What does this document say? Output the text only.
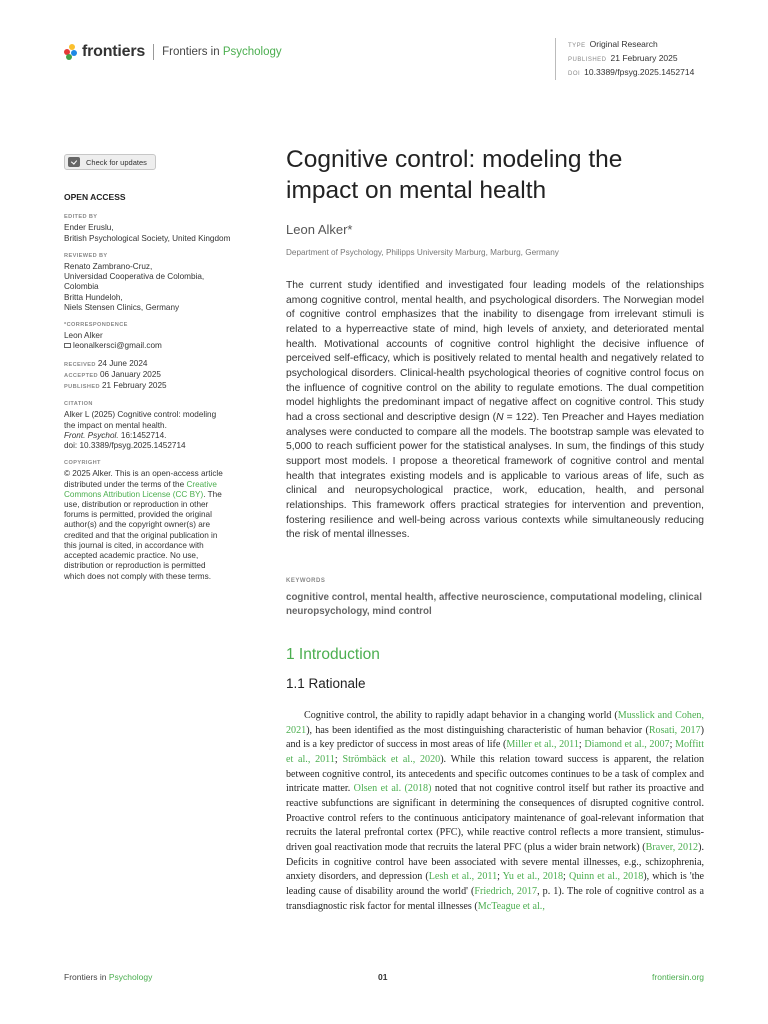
frontiers Frontiers in Psychology	TYPE Original Research
PUBLISHED 21 February 2025
DOI 10.3389/fpsyg.2025.1452714
Check for updates
OPEN ACCESS
EDITED BY
Ender Eruslu,
British Psychological Society, United Kingdom
REVIEWED BY
Renato Zambrano-Cruz,
Universidad Cooperativa de Colombia,
Colombia
Britta Hundeloh,
Niels Stensen Clinics, Germany
*CORRESPONDENCE
Leon Alker
leonalkersci@gmail.com
RECEIVED 24 June 2024
ACCEPTED 06 January 2025
PUBLISHED 21 February 2025
CITATION
Alker L (2025) Cognitive control: modeling
the impact on mental health.
Front. Psychol. 16:1452714.
doi: 10.3389/fpsyg.2025.1452714
COPYRIGHT
© 2025 Alker. This is an open-access article
distributed under the terms of the Creative
Commons Attribution License (CC BY). The
use, distribution or reproduction in other
forums is permitted, provided the original
author(s) and the copyright owner(s) are
credited and that the original publication in
this journal is cited, in accordance with
accepted academic practice. No use,
distribution or reproduction is permitted
which does not comply with these terms.
Cognitive control: modeling the
impact on mental health
Leon Alker*
Department of Psychology, Philipps University Marburg, Marburg, Germany
The current study identified and investigated four leading models of the relationships among cognitive control, mental health, and psychological disorders. The Norwegian model of cognitive control emphasizes that the inability to disengage from irrelevant stimuli is related to a hyperreactive state of mind, high levels of anxiety, and deteriorated mental health. Motivational accounts of cognitive control highlight the decisive influence of perceived self-efficacy, which is positively related to mental health and negatively related to psychological disorders. Clinical-health psychological theories of cognitive control focus on the influence of cognitive control on the ability to regulate emotions. The dual competition model highlights the predominant impact of negative affect on cognitive control. This study had a cross sectional and descriptive design (N = 122). Ten Preacher and Hayes mediation analyses were conducted to compare all the models. The bootstrap sample was elevated to 5,000 to reach sufficient power for the statistical analyses. In sum, the findings of this study support most models. I propose a theoretical framework of cognitive control and mental health that integrates existing models and is applicable to various areas of life, such as clinical and neuropsychological practice, work, education, health, and personal relationships. This framework offers practical strategies for intervention and prevention, fostering resilience and well-being across various contexts while simultaneously reducing the risk of mental illnesses.
KEYWORDS
cognitive control, mental health, affective neuroscience, computational modeling, clinical neuropsychology, mind control
1 Introduction
1.1 Rationale

Cognitive control, the ability to rapidly adapt behavior in a changing world (Musslick and Cohen, 2021), has been identified as the most distinguishing characteristic of human behavior (Rosati, 2017) and is a key predictor of success in most areas of life (Miller et al., 2011; Diamond et al., 2007; Moffitt et al., 2011; Strömbäck et al., 2020). While this relation toward success is apparent, the relation between cognitive control, its antecedents and specific outcomes continues to be a task of complex and intricate matter. Olsen et al. (2018) noted that not cognitive control itself but rather its proactive and reactive subfunctions are significant in determining the consequences of disrupted cognitive control. Proactive control refers to the continuous anticipatory maintenance of goal-relevant information that recruits the lateral prefrontal cortex (PFC), while reactive control reflects a more transient, stimulus-driven goal reactivation mode that recruits the lateral PFC (plus a wider brain network) (Braver, 2012). Deficits in cognitive control have been associated with severe mental illnesses, e.g., schizophrenia, anxiety disorders, and depression (Lesh et al., 2011; Yu et al., 2018; Quinn et al., 2018), which is 'the leading cause of disability around the world' (Friedrich, 2017, p. 1). The role of cognitive control as a transdiagnostic risk factor for mental illnesses (McTeague et al.,

Frontiers in Psychology	01	frontiersin.org
